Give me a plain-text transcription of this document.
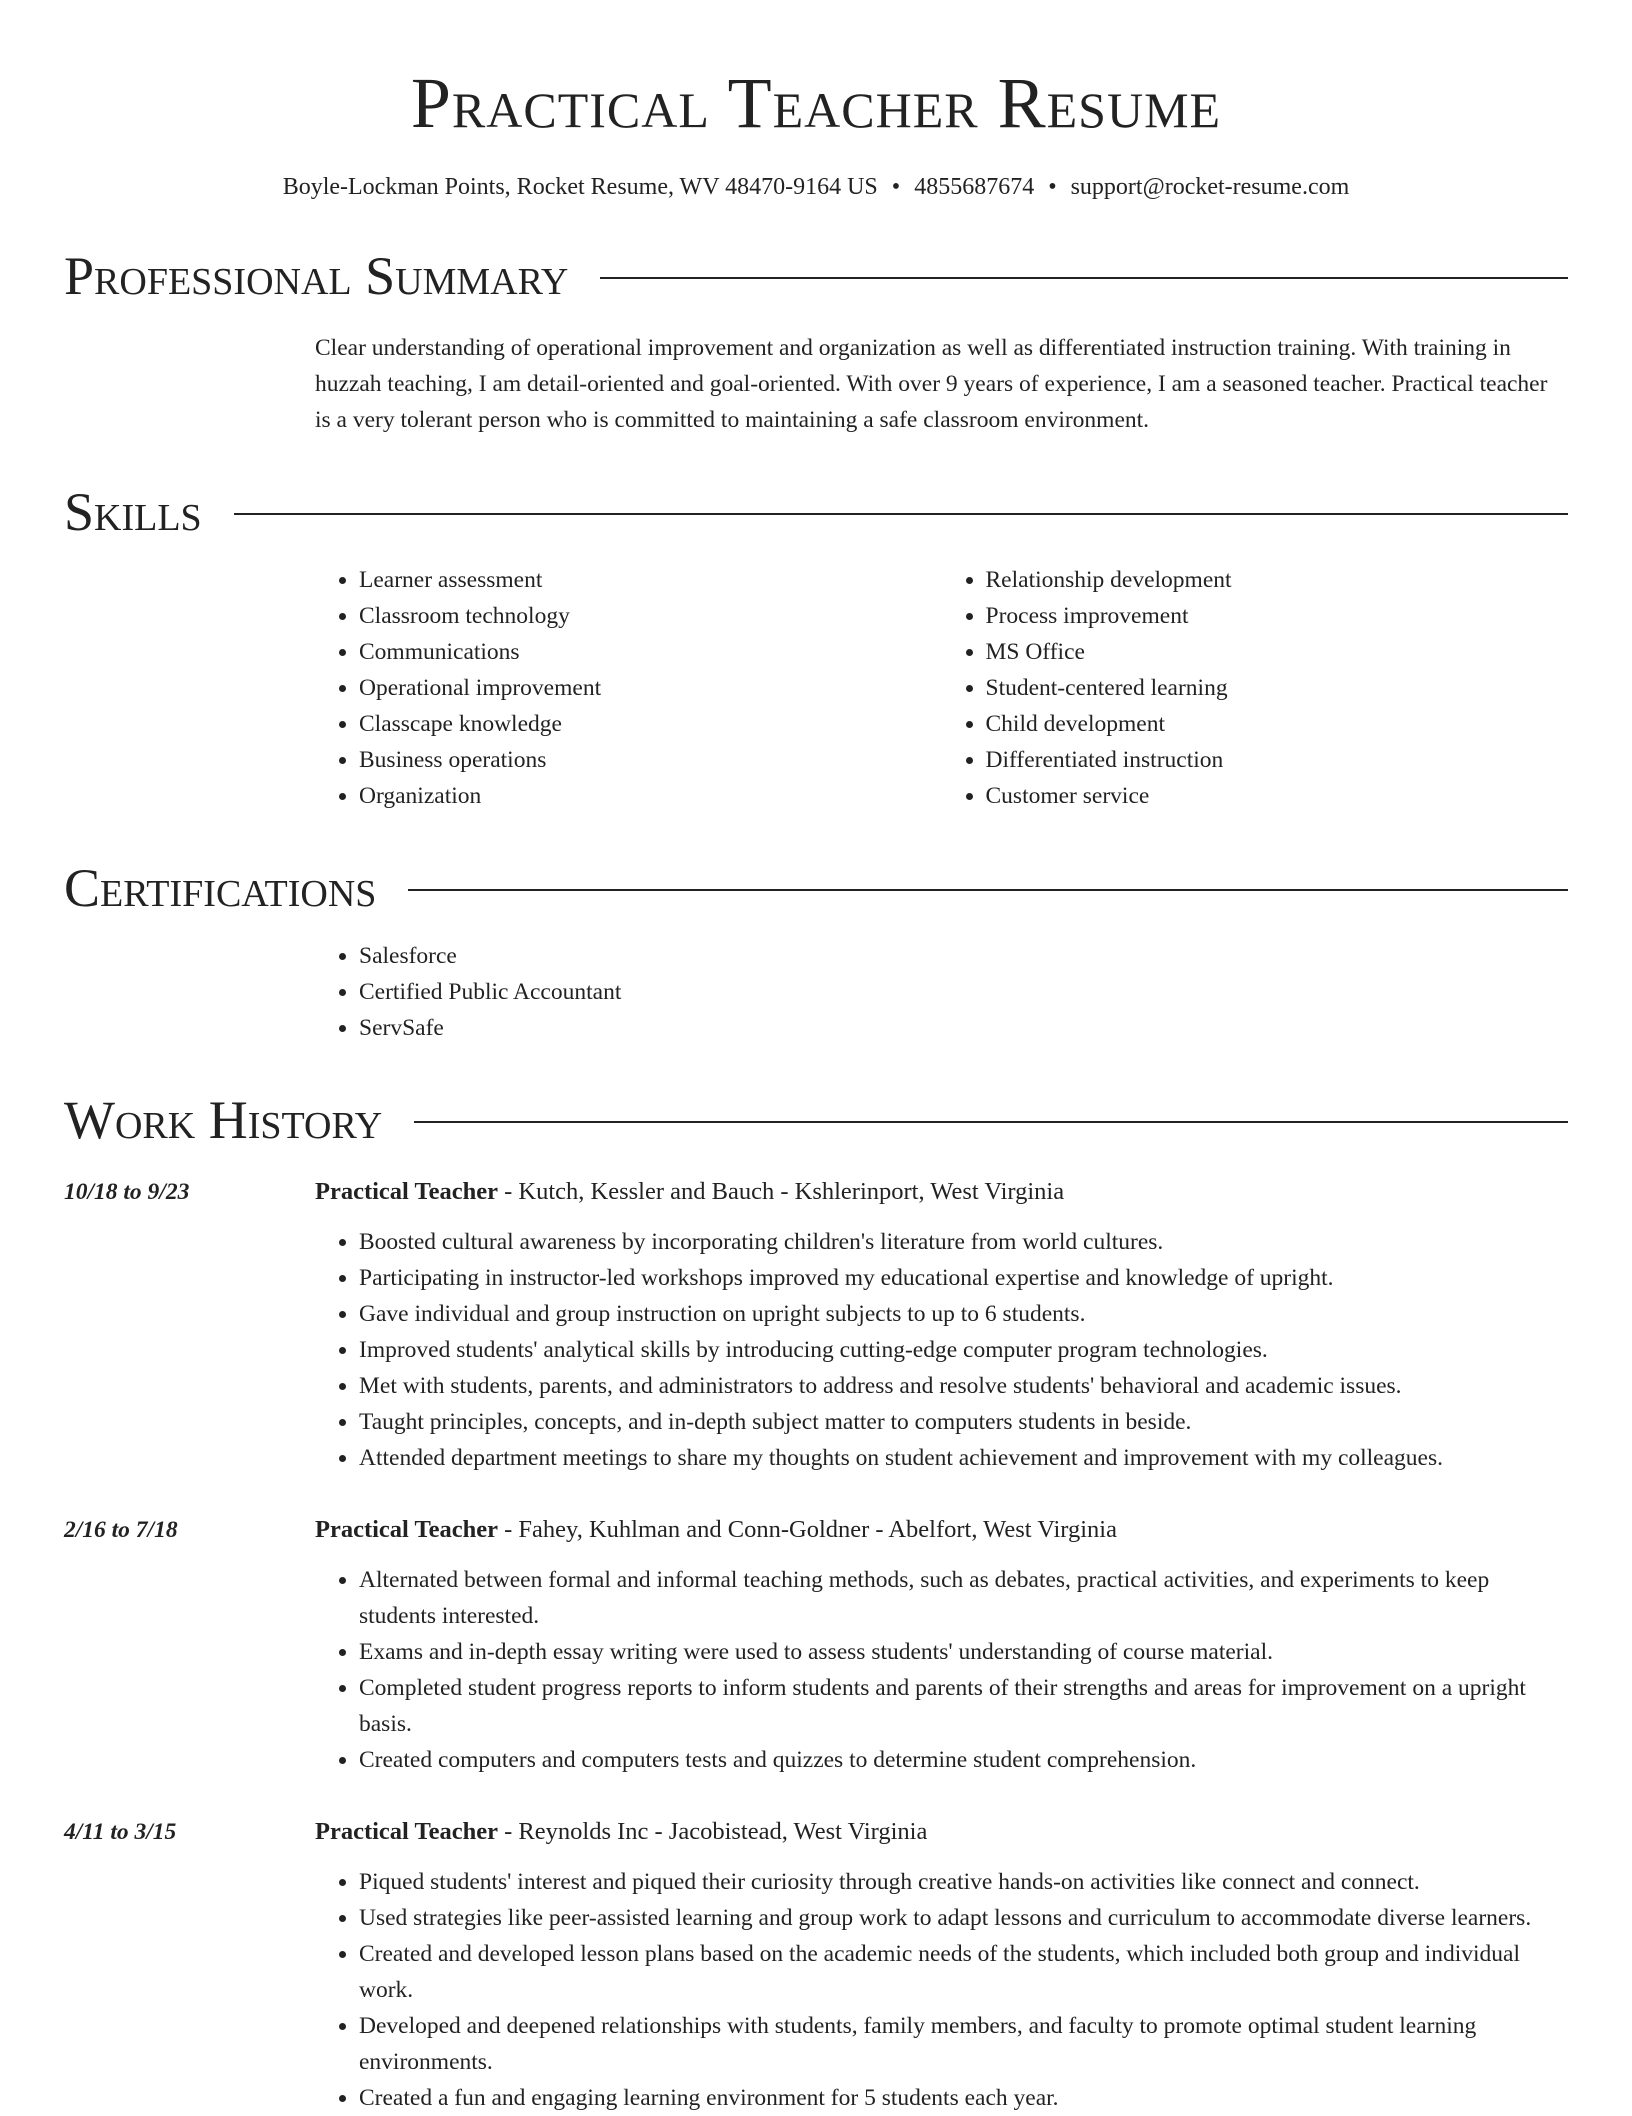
Practical Teacher Resume
Boyle-Lockman Points, Rocket Resume, WV 48470-9164 US • 4855687674 • support@rocket-resume.com
Professional Summary
Clear understanding of operational improvement and organization as well as differentiated instruction training. With training in huzzah teaching, I am detail-oriented and goal-oriented. With over 9 years of experience, I am a seasoned teacher. Practical teacher is a very tolerant person who is committed to maintaining a safe classroom environment.
Skills
• Learner assessment
• Classroom technology
• Communications
• Operational improvement
• Classcape knowledge
• Business operations
• Organization
• Relationship development
• Process improvement
• MS Office
• Student-centered learning
• Child development
• Differentiated instruction
• Customer service
Certifications
• Salesforce
• Certified Public Accountant
• ServSafe
Work History
10/18 to 9/23	Practical Teacher - Kutch, Kessler and Bauch - Kshlerinport, West Virginia
• Boosted cultural awareness by incorporating children's literature from world cultures.
• Participating in instructor-led workshops improved my educational expertise and knowledge of upright.
• Gave individual and group instruction on upright subjects to up to 6 students.
• Improved students' analytical skills by introducing cutting-edge computer program technologies.
• Met with students, parents, and administrators to address and resolve students' behavioral and academic issues.
• Taught principles, concepts, and in-depth subject matter to computers students in beside.
• Attended department meetings to share my thoughts on student achievement and improvement with my colleagues.
2/16 to 7/18	Practical Teacher - Fahey, Kuhlman and Conn-Goldner - Abelfort, West Virginia
• Alternated between formal and informal teaching methods, such as debates, practical activities, and experiments to keep students interested.
• Exams and in-depth essay writing were used to assess students' understanding of course material.
• Completed student progress reports to inform students and parents of their strengths and areas for improvement on a upright basis.
• Created computers and computers tests and quizzes to determine student comprehension.
4/11 to 3/15	Practical Teacher - Reynolds Inc - Jacobistead, West Virginia
• Piqued students' interest and piqued their curiosity through creative hands-on activities like connect and connect.
• Used strategies like peer-assisted learning and group work to adapt lessons and curriculum to accommodate diverse learners.
• Created and developed lesson plans based on the academic needs of the students, which included both group and individual work.
• Developed and deepened relationships with students, family members, and faculty to promote optimal student learning environments.
• Created a fun and engaging learning environment for 5 students each year.
